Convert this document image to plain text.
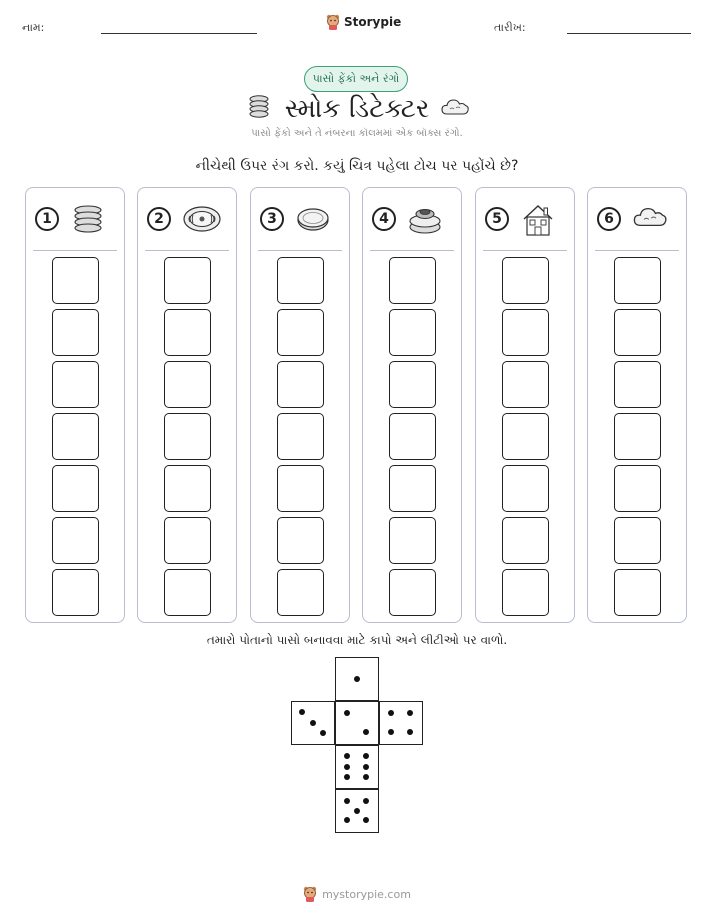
નામ:	Storypie	તારીખ:
પાસો ફેંકો અને રંગો
સ્મોક ડિટેક્ટર
પાસો ફેંકો અને તે નંબરના કૉલમમાં એક બૉક્સ રંગો.
નીચેથી ઉપર રંગ કરો. કયું ચિત્ર પહેલા ટોચ પર પહોંચે છે?
1	2	3	4	5	6
તમારો પોતાનો પાસો બનાવવા માટે કાપો અને લીટીઓ પર વાળો.
mystorypie.com
